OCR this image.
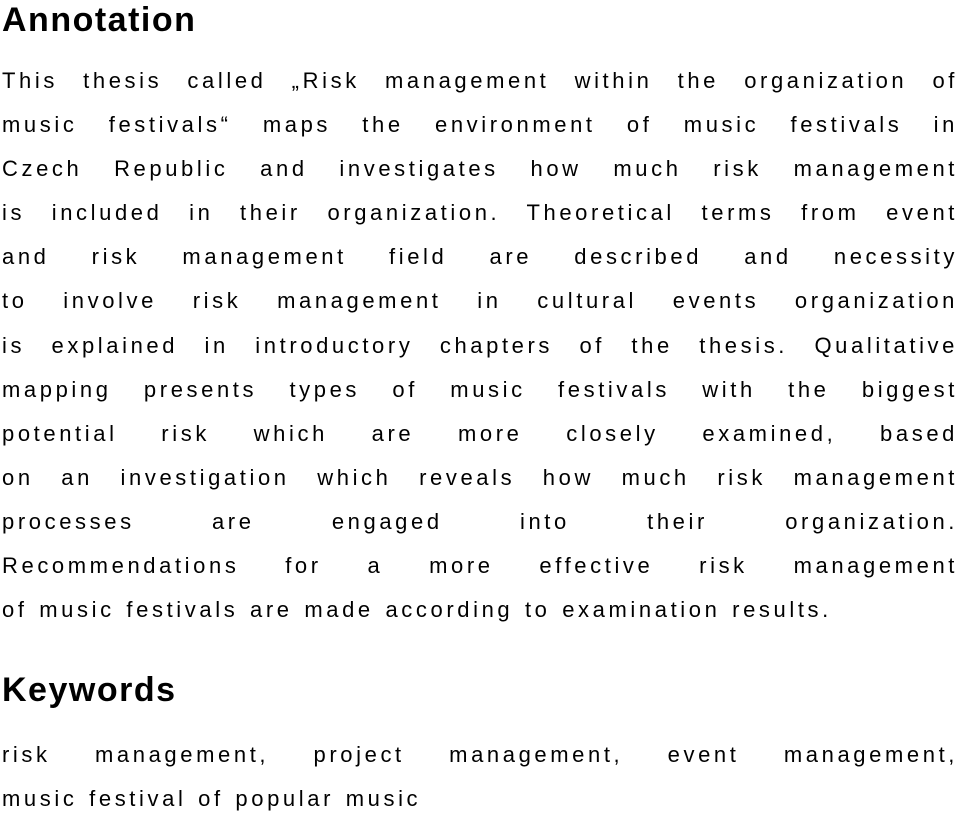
Annotation
This thesis called „Risk management within the organization of
music festivals“ maps the environment of music festivals in
Czech Republic and investigates how much risk management
is included in their organization. Theoretical terms from event
and risk management field are described and necessity
to involve risk management in cultural events organization
is explained in introductory chapters of the thesis. Qualitative
mapping presents types of music festivals with the biggest
potential risk which are more closely examined, based
on an investigation which reveals how much risk management
processes are engaged into their organization.
Recommendations for a more effective risk management
of music festivals are made according to examination results.
Keywords
risk management, project management, event management,
music festival of popular music
